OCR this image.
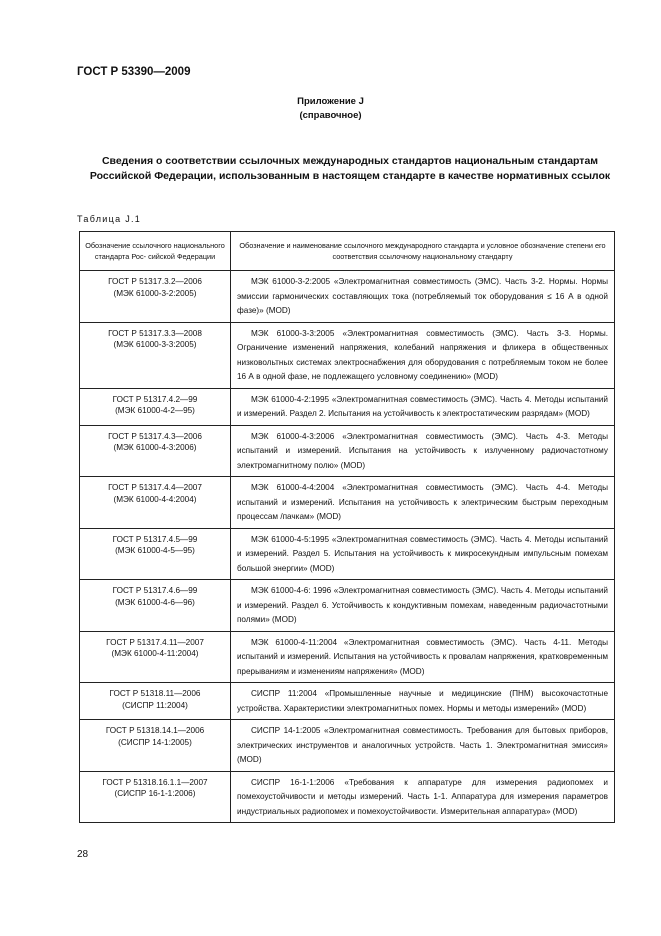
ГОСТ Р 53390—2009
Приложение J
(справочное)
Сведения о соответствии ссылочных международных стандартов национальным стандартам Российской Федерации, использованным в настоящем стандарте в качестве нормативных ссылок
Таблица J.1
Обозначение ссылочного национального стандарта Рос- сийской Федерации	Обозначение и наименование ссылочного международного стандарта и условное обозначение степени его соответствия ссылочному национальному стандарту

ГОСТ Р 51317.3.2—2006
(МЭК 61000-3-2:2005)	МЭК 61000-3-2:2005 «Электромагнитная совместимость (ЭМС). Часть 3-2. Нормы. Нормы эмиссии гармонических составляющих тока (потребляемый ток оборудования ≤ 16 А в одной фазе)» (MOD)

ГОСТ Р 51317.3.3—2008
(МЭК 61000-3-3:2005)	МЭК 61000-3-3:2005 «Электромагнитная совместимость (ЭМС). Часть 3-3. Нормы. Ограничение изменений напряжения, колебаний напряжения и фликера в общественных низковольтных системах электроснабжения для оборудования с потребляемым током не более 16 А в одной фазе, не подлежащего условному соединению» (MOD)

ГОСТ Р 51317.4.2—99
(МЭК 61000-4-2—95)	МЭК 61000-4-2:1995 «Электромагнитная совместимость (ЭМС). Часть 4. Методы испытаний и измерений. Раздел 2. Испытания на устойчивость к электростатическим разрядам» (MOD)

ГОСТ Р 51317.4.3—2006
(МЭК 61000-4-3:2006)	МЭК 61000-4-3:2006 «Электромагнитная совместимость (ЭМС). Часть 4-3. Методы испытаний и измерений. Испытания на устойчивость к излученному радиочастотному электромагнитному полю» (MOD)

ГОСТ Р 51317.4.4—2007
(МЭК 61000-4-4:2004)	МЭК 61000-4-4:2004 «Электромагнитная совместимость (ЭМС). Часть 4-4. Методы испытаний и измерений. Испытания на устойчивость к электрическим быстрым переходным процессам /пачкам» (MOD)

ГОСТ Р 51317.4.5—99
(МЭК 61000-4-5—95)	МЭК 61000-4-5:1995 «Электромагнитная совместимость (ЭМС). Часть 4. Методы испытаний и измерений. Раздел 5. Испытания на устойчивость к микросекундным импульсным помехам большой энергии» (MOD)

ГОСТ Р 51317.4.6—99
(МЭК 61000-4-6—96)	МЭК 61000-4-6: 1996 «Электромагнитная совместимость (ЭМС). Часть 4. Методы испытаний и измерений. Раздел 6. Устойчивость к кондуктивным помехам, наведенным радиочастотными полями» (MOD)

ГОСТ Р 51317.4.11—2007
(МЭК 61000-4-11:2004)	МЭК 61000-4-11:2004 «Электромагнитная совместимость (ЭМС). Часть 4-11. Методы испытаний и измерений. Испытания на устойчивость к провалам напряжения, кратковременным прерываниям и изменениям напряжения» (MOD)

ГОСТ Р 51318.11—2006
(СИСПР 11:2004)	СИСПР 11:2004 «Промышленные научные и медицинские (ПНМ) высокочастотные устройства. Характеристики электромагнитных помех. Нормы и методы измерений» (MOD)

ГОСТ Р 51318.14.1—2006
(СИСПР 14-1:2005)	СИСПР 14-1:2005 «Электромагнитная совместимость. Требования для бытовых приборов, электрических инструментов и аналогичных устройств. Часть 1. Электромагнитная эмиссия» (MOD)

ГОСТ Р 51318.16.1.1—2007
(СИСПР 16-1-1:2006)	СИСПР 16-1-1:2006 «Требования к аппаратуре для измерения радиопомех и помехоустойчивости и методы измерений. Часть 1-1. Аппаратура для измерения параметров индустриальных радиопомех и помехоустойчивости. Измерительная аппаратура» (MOD)
28
